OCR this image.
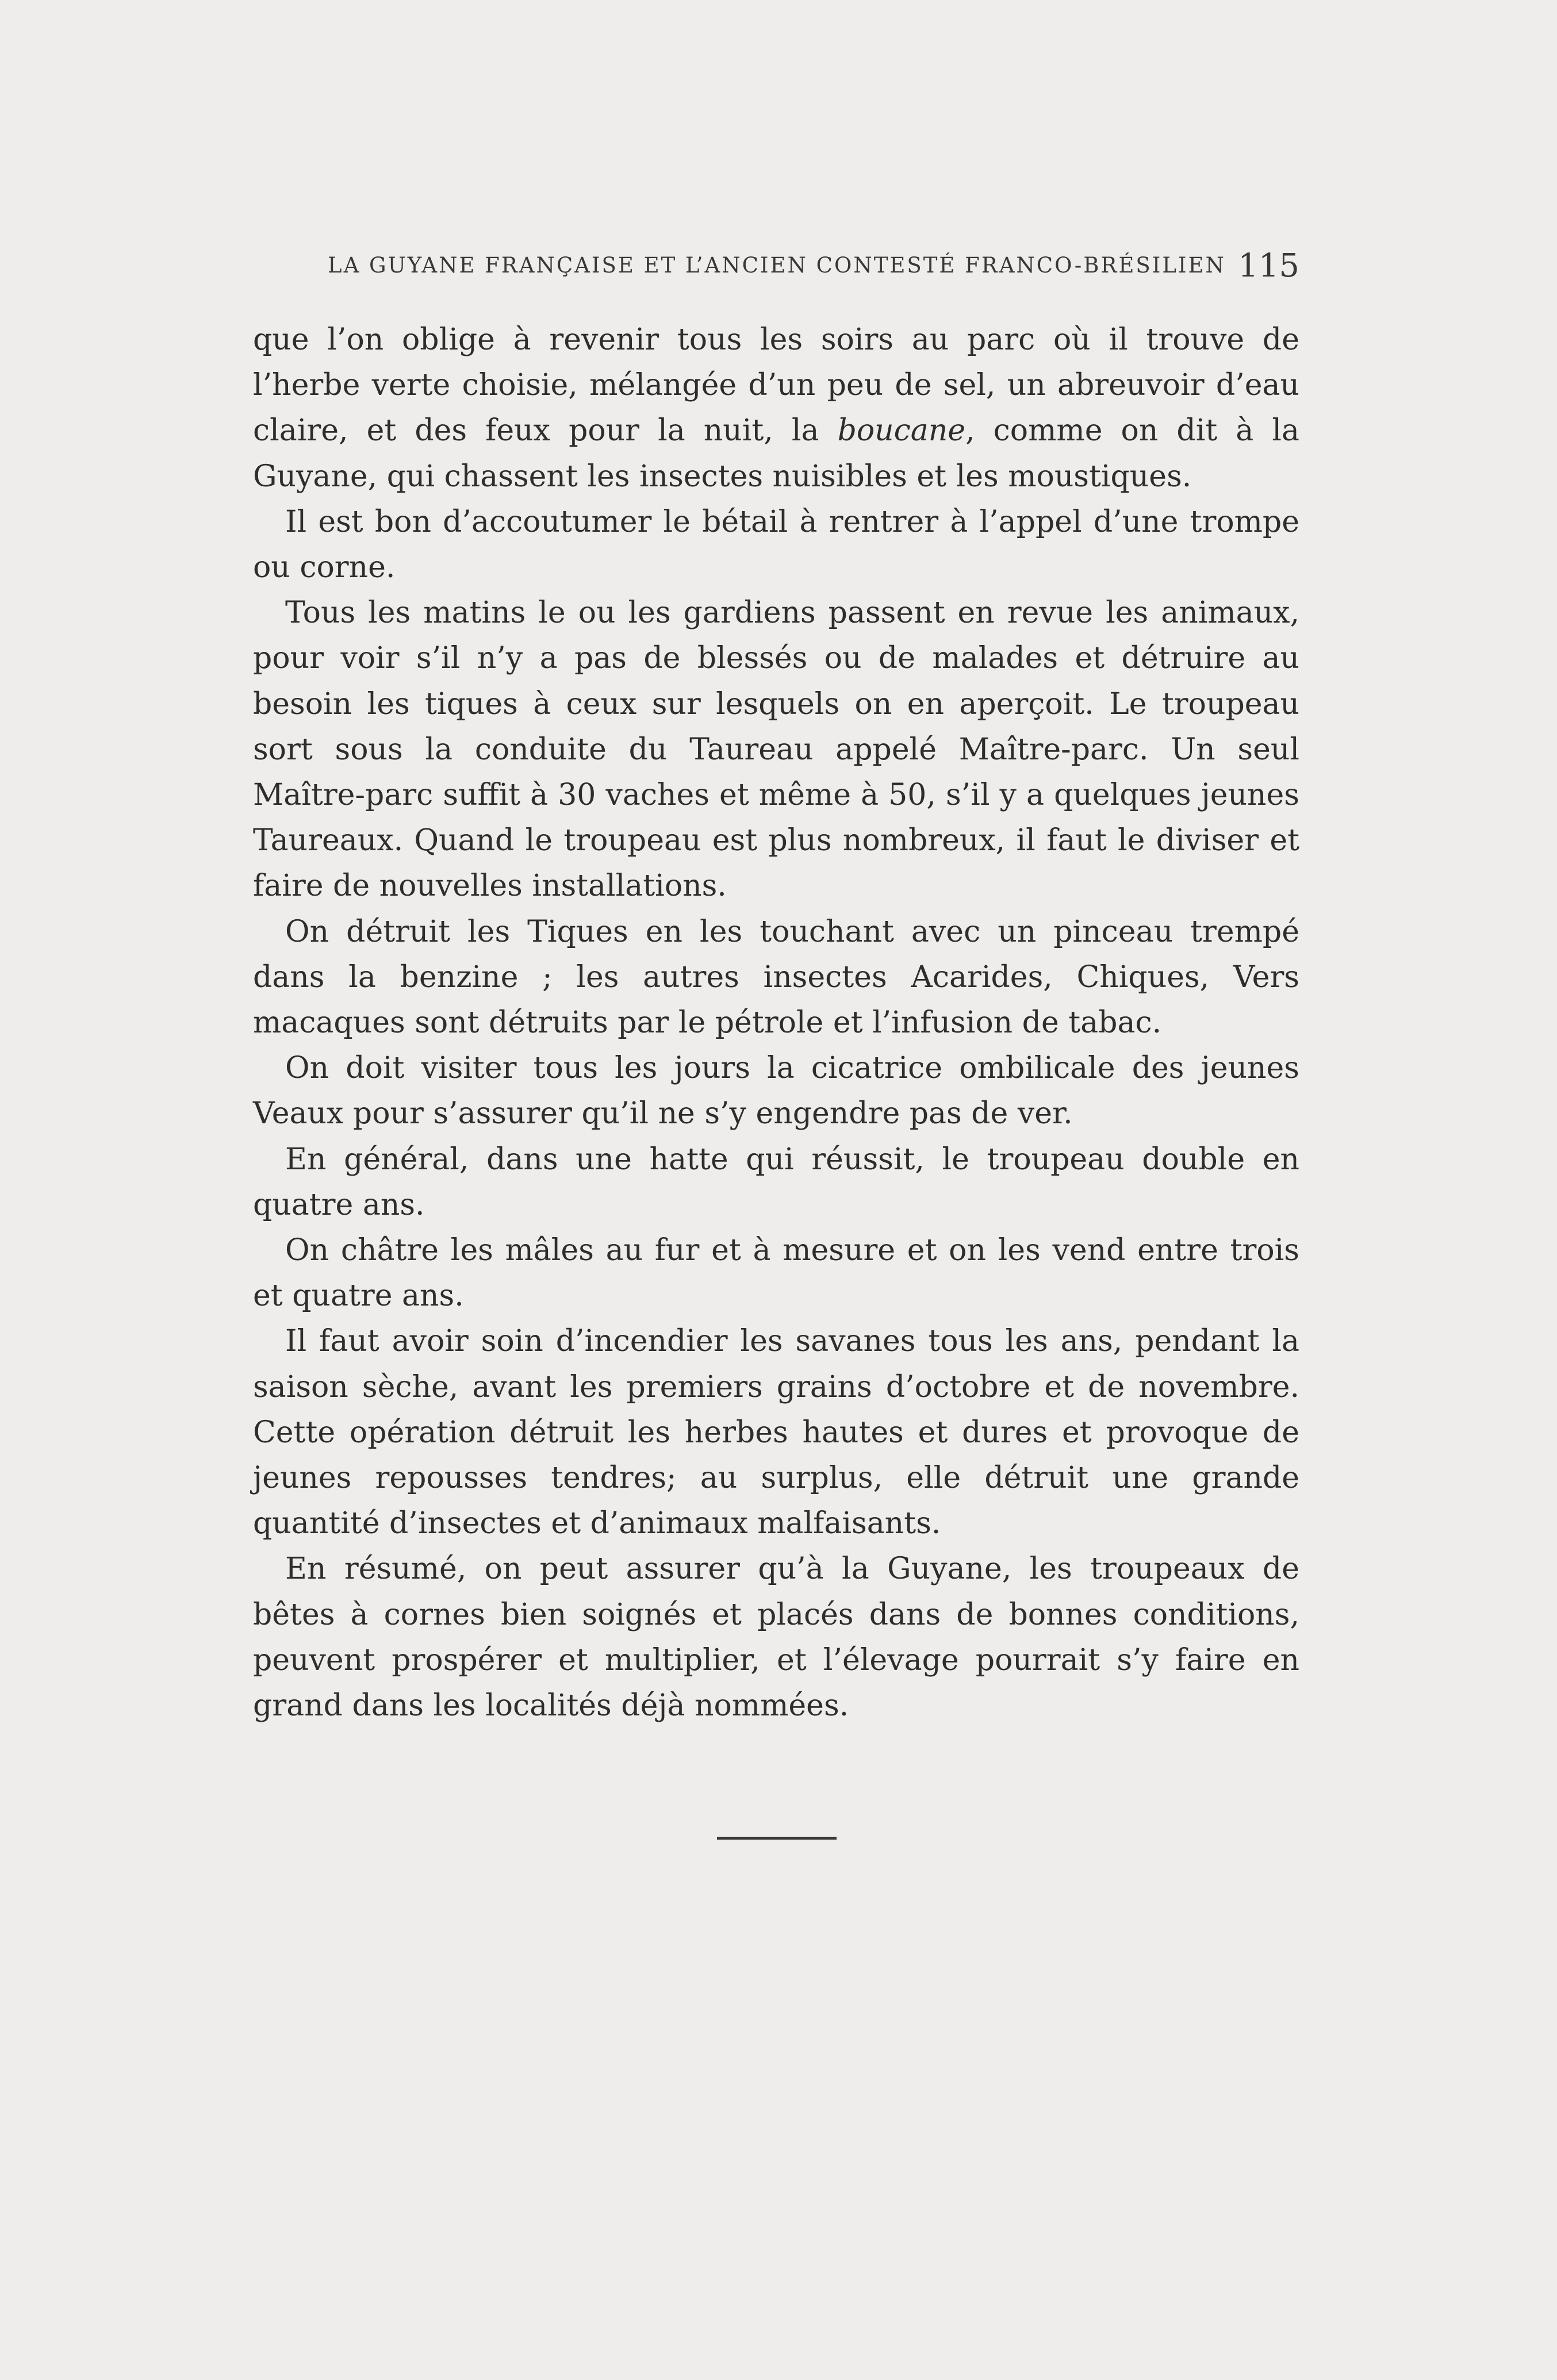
LA GUYANE FRANÇAISE ET L’ANCIEN CONTESTÉ FRANCO-BRÉSILIEN 115

que l’on oblige à revenir tous les soirs au parc où il trouve de l’herbe verte choisie, mélangée d’un peu de sel, un abreuvoir d’eau claire, et des feux pour la nuit, la boucane, comme on dit à la Guyane, qui chassent les insectes nuisibles et les moustiques.

Il est bon d’accoutumer le bétail à rentrer à l’appel d’une trompe ou corne.

Tous les matins le ou les gardiens passent en revue les animaux, pour voir s’il n’y a pas de blessés ou de malades et détruire au besoin les tiques à ceux sur lesquels on en aperçoit. Le troupeau sort sous la conduite du Taureau appelé Maître-parc. Un seul Maître-parc suffit à 30 vaches et même à 50, s’il y a quelques jeunes Taureaux. Quand le troupeau est plus nombreux, il faut le diviser et faire de nouvelles installations.

On détruit les Tiques en les touchant avec un pinceau trempé dans la benzine ; les autres insectes Acarides, Chiques, Vers macaques sont détruits par le pétrole et l’infusion de tabac.

On doit visiter tous les jours la cicatrice ombilicale des jeunes Veaux pour s’assurer qu’il ne s’y engendre pas de ver.

En général, dans une hatte qui réussit, le troupeau double en quatre ans.

On châtre les mâles au fur et à mesure et on les vend entre trois et quatre ans.

Il faut avoir soin d’incendier les savanes tous les ans, pendant la saison sèche, avant les premiers grains d’octobre et de novembre. Cette opération détruit les herbes hautes et dures et provoque de jeunes repousses tendres; au surplus, elle détruit une grande quantité d’insectes et d’animaux malfaisants.

En résumé, on peut assurer qu’à la Guyane, les troupeaux de bêtes à cornes bien soignés et placés dans de bonnes conditions, peuvent prospérer et multiplier, et l’élevage pourrait s’y faire en grand dans les localités déjà nommées.
